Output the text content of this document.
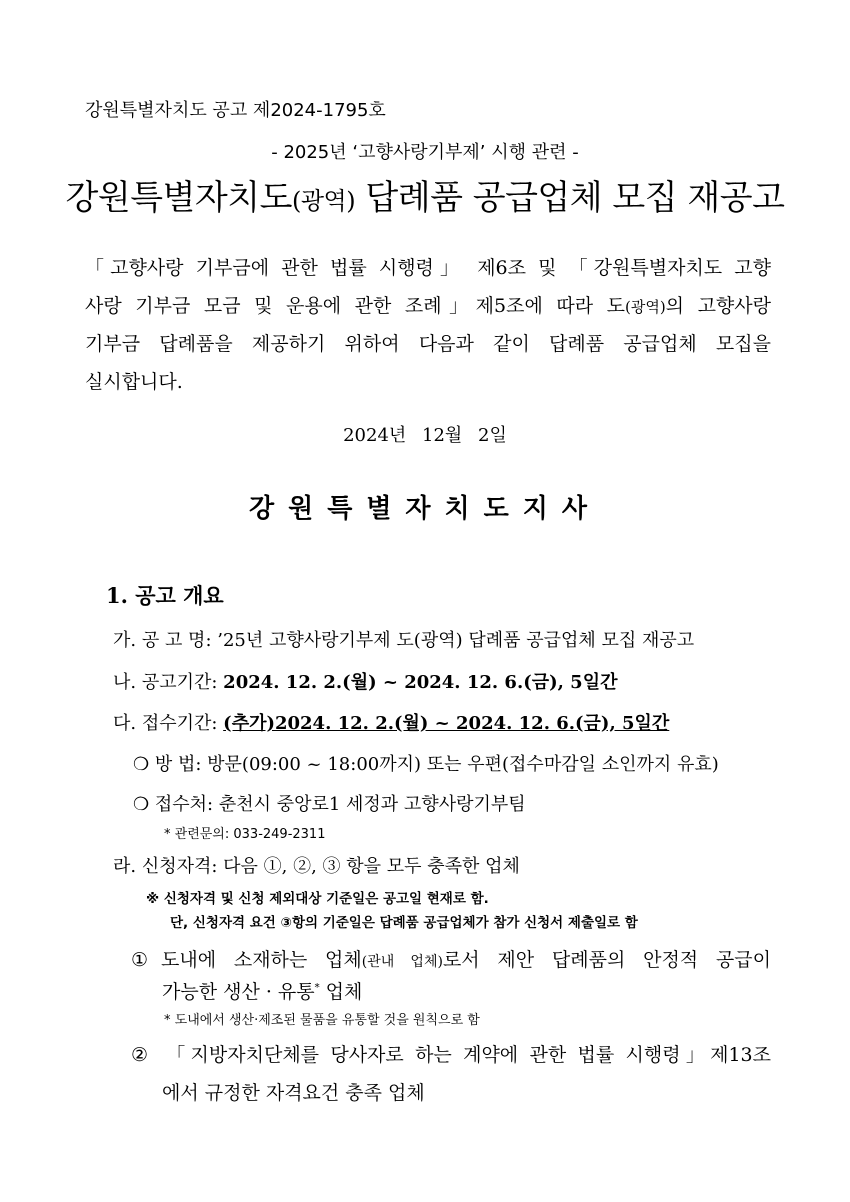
강원특별자치도 공고 제2024-1795호
- 2025년 ‘고향사랑기부제’ 시행 관련 -
강원특별자치도(광역) 답례품 공급업체 모집 재공고
「고향사랑 기부금에 관한 법률 시행령」 제6조 및 「강원특별자치도 고향
사랑 기부금 모금 및 운용에 관한 조례」제5조에 따라 도(광역)의 고향사랑
기부금 답례품을 제공하기 위하여 다음과 같이 답례품 공급업체 모집을
실시합니다.
2024년 12월 2일
강원특별자치도지사
1. 공고 개요
가. 공 고 명: ’25년 고향사랑기부제 도(광역) 답례품 공급업체 모집 재공고
나. 공고기간: 2024. 12. 2.(월) ~ 2024. 12. 6.(금), 5일간
다. 접수기간: (추가)2024. 12. 2.(월) ~ 2024. 12. 6.(금), 5일간
❍ 방 법: 방문(09:00 ~ 18:00까지) 또는 우편(접수마감일 소인까지 유효)
❍ 접수처: 춘천시 중앙로1 세정과 고향사랑기부팀
* 관련문의: 033-249-2311
라. 신청자격: 다음 ①, ②, ③ 항을 모두 충족한 업체
※ 신청자격 및 신청 제외대상 기준일은 공고일 현재로 함.
단, 신청자격 요건 ③항의 기준일은 답례품 공급업체가 참가 신청서 제출일로 함
① 도내에 소재하는 업체(관내 업체)로서 제안 답례품의 안정적 공급이
가능한 생산 · 유통* 업체
* 도내에서 생산·제조된 물품을 유통할 것을 원칙으로 함
② 「지방자치단체를 당사자로 하는 계약에 관한 법률 시행령」제13조
에서 규정한 자격요건 충족 업체
